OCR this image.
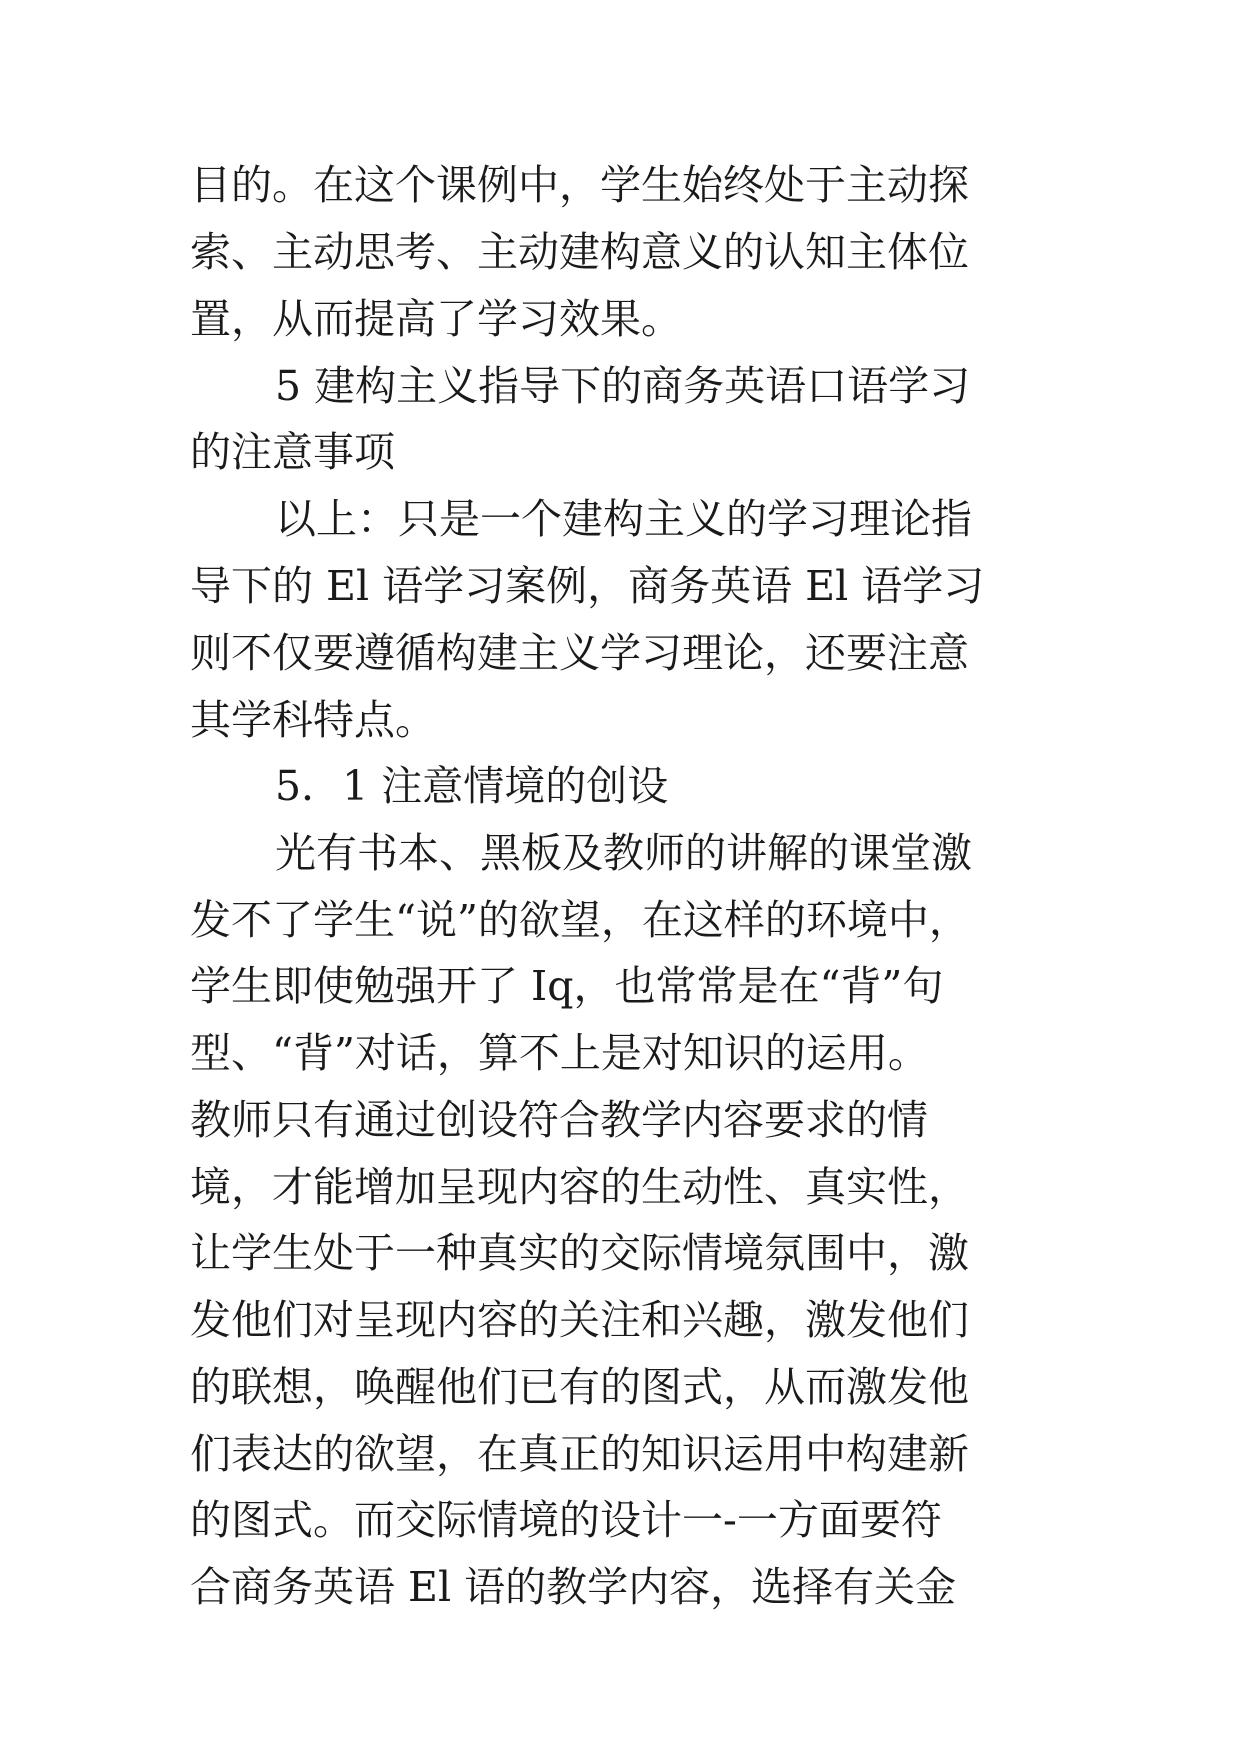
目的。在这个课例中，学生始终处于主动探

索、主动思考、主动建构意义的认知主体位

置，从而提高了学习效果。

5 建构主义指导下的商务英语口语学习

的注意事项

以上：只是一个建构主义的学习理论指

导下的 El 语学习案例，商务英语 El 语学习

则不仅要遵循构建主义学习理论，还要注意

其学科特点。

5．1 注意情境的创设

光有书本、黑板及教师的讲解的课堂激

发不了学生“说”的欲望，在这样的环境中，

学生即使勉强开了 Iq，也常常是在“背”句

型、“背”对话，算不上是对知识的运用。

教师只有通过创设符合教学内容要求的情

境，才能增加呈现内容的生动性、真实性，

让学生处于一种真实的交际情境氛围中，激

发他们对呈现内容的关注和兴趣，激发他们

的联想，唤醒他们已有的图式，从而激发他

们表达的欲望，在真正的知识运用中构建新

的图式。而交际情境的设计一-一方面要符

合商务英语 El 语的教学内容，选择有关金
